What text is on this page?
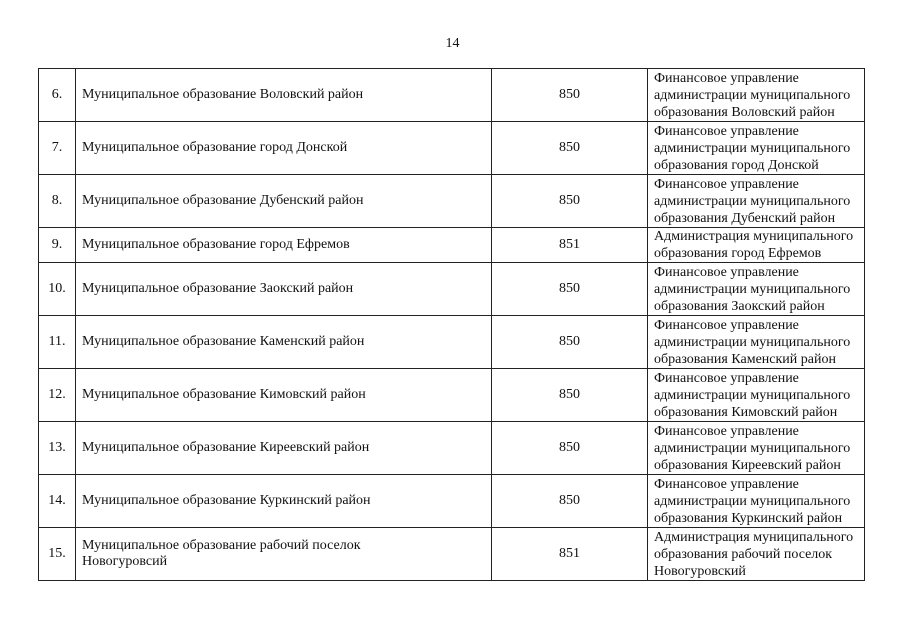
14
6.	Муниципальное образование Воловский район	850	Финансовое управление
администрации муниципального
образования Воловский район
7.	Муниципальное образование город Донской	850	Финансовое управление
администрации муниципального
образования город Донской
8.	Муниципальное образование Дубенский район	850	Финансовое управление
администрации муниципального
образования Дубенский район
9.	Муниципальное образование город Ефремов	851	Администрация муниципального
образования город Ефремов
10.	Муниципальное образование Заокский район	850	Финансовое управление
администрации муниципального
образования Заокский район
11.	Муниципальное образование Каменский район	850	Финансовое управление
администрации муниципального
образования Каменский район
12.	Муниципальное образование Кимовский район	850	Финансовое управление
администрации муниципального
образования Кимовский район
13.	Муниципальное образование Киреевский район	850	Финансовое управление
администрации муниципального
образования Киреевский район
14.	Муниципальное образование Куркинский район	850	Финансовое управление
администрации муниципального
образования Куркинский район
15.	Муниципальное образование рабочий поселок
Новогуровсий	851	Администрация муниципального
образования рабочий поселок
Новогуровский
